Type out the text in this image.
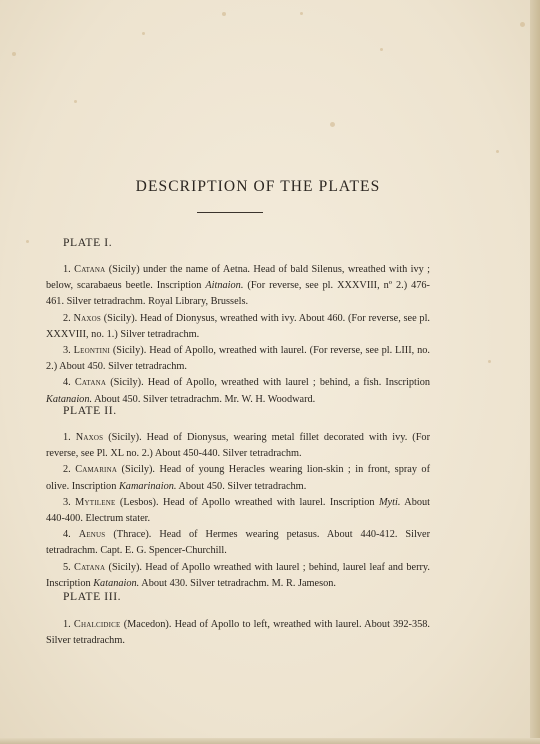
DESCRIPTION OF THE PLATES
PLATE I.

1. Catana (Sicily) under the name of Aetna. Head of bald Silenus, wreathed with ivy ; below, scarabaeus beetle. Inscription Aitnaion. (For reverse, see pl. XXXVIII, nº 2.) 476-461. Silver tetradrachm. Royal Library, Brussels.

2. Naxos (Sicily). Head of Dionysus, wreathed with ivy. About 460. (For reverse, see pl. XXXVIII, no. 1.) Silver tetradrachm.

3. Leontini (Sicily). Head of Apollo, wreathed with laurel. (For reverse, see pl. LIII, no. 2.) About 450. Silver tetradrachm.

4. Catana (Sicily). Head of Apollo, wreathed with laurel ; behind, a fish. Inscription Katanaion. About 450. Silver tetradrachm. Mr. W. H. Woodward.

PLATE II.

1. Naxos (Sicily). Head of Dionysus, wearing metal fillet decorated with ivy. (For reverse, see Pl. XL no. 2.) About 450-440. Silver tetradrachm.

2. Camarina (Sicily). Head of young Heracles wearing lion-skin ; in front, spray of olive. Inscription Kamarinaion. About 450. Silver tetradrachm.

3. Mytilene (Lesbos). Head of Apollo wreathed with laurel. Inscription Myti. About 440-400. Electrum stater.

4. Aenus (Thrace). Head of Hermes wearing petasus. About 440-412. Silver tetradrachm. Capt. E. G. Spencer-Churchill.

5. Catana (Sicily). Head of Apollo wreathed with laurel ; behind, laurel leaf and berry. Inscription Katanaion. About 430. Silver tetradrachm. M. R. Jameson.

PLATE III.

1. Chalcidice (Macedon). Head of Apollo to left, wreathed with laurel. About 392-358. Silver tetradrachm.
